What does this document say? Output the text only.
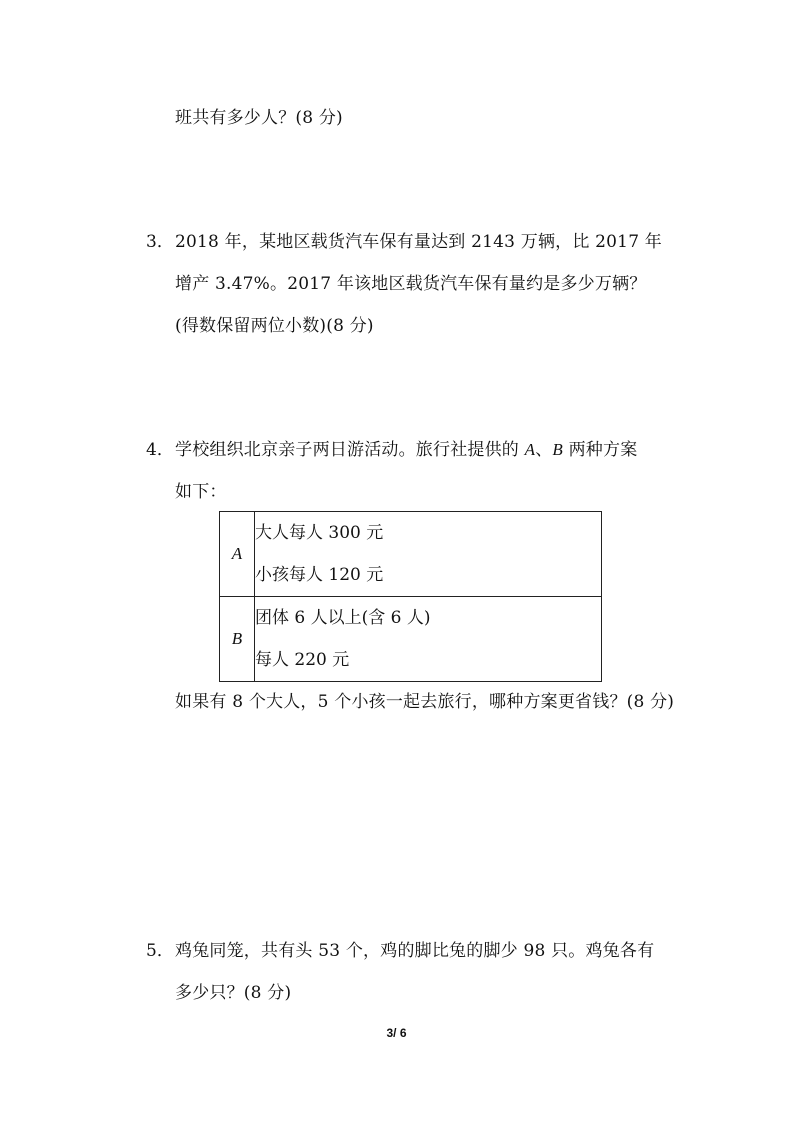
班共有多少人？(8 分)
3． 2018 年，某地区载货汽车保有量达到 2143 万辆，比 2017 年
增产 3.47%。2017 年该地区载货汽车保有量约是多少万辆？
(得数保留两位小数)(8 分)
4． 学校组织北京亲子两日游活动。旅行社提供的 A、B 两种方案
如下：
A	大人每人 300 元
小孩每人 120 元

B	团体 6 人以上(含 6 人)
每人 220 元
如果有 8 个大人，5 个小孩一起去旅行，哪种方案更省钱？(8 分)
5． 鸡兔同笼，共有头 53 个，鸡的脚比兔的脚少 98 只。鸡兔各有
多少只？(8 分)
3/ 6
